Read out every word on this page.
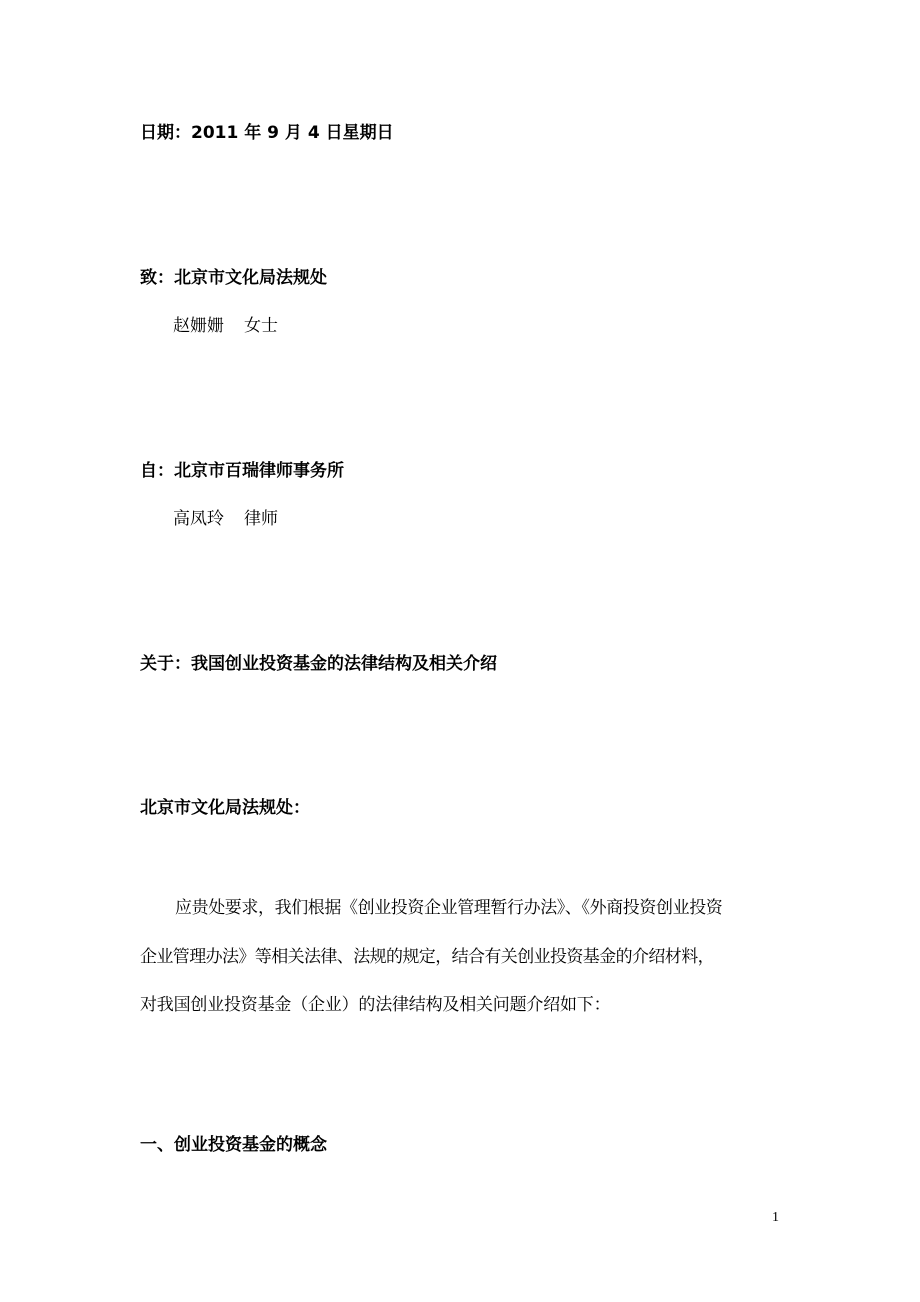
日期：2011 年 9 月 4 日星期日
致：北京市文化局法规处
赵姗姗 女士
自：北京市百瑞律师事务所
高凤玲 律师
关于：我国创业投资基金的法律结构及相关介绍
北京市文化局法规处：
应贵处要求，我们根据《创业投资企业管理暂行办法》、《外商投资创业投资
企业管理办法》等相关法律、法规的规定，结合有关创业投资基金的介绍材料，
对我国创业投资基金（企业）的法律结构及相关问题介绍如下：
一、创业投资基金的概念
1
